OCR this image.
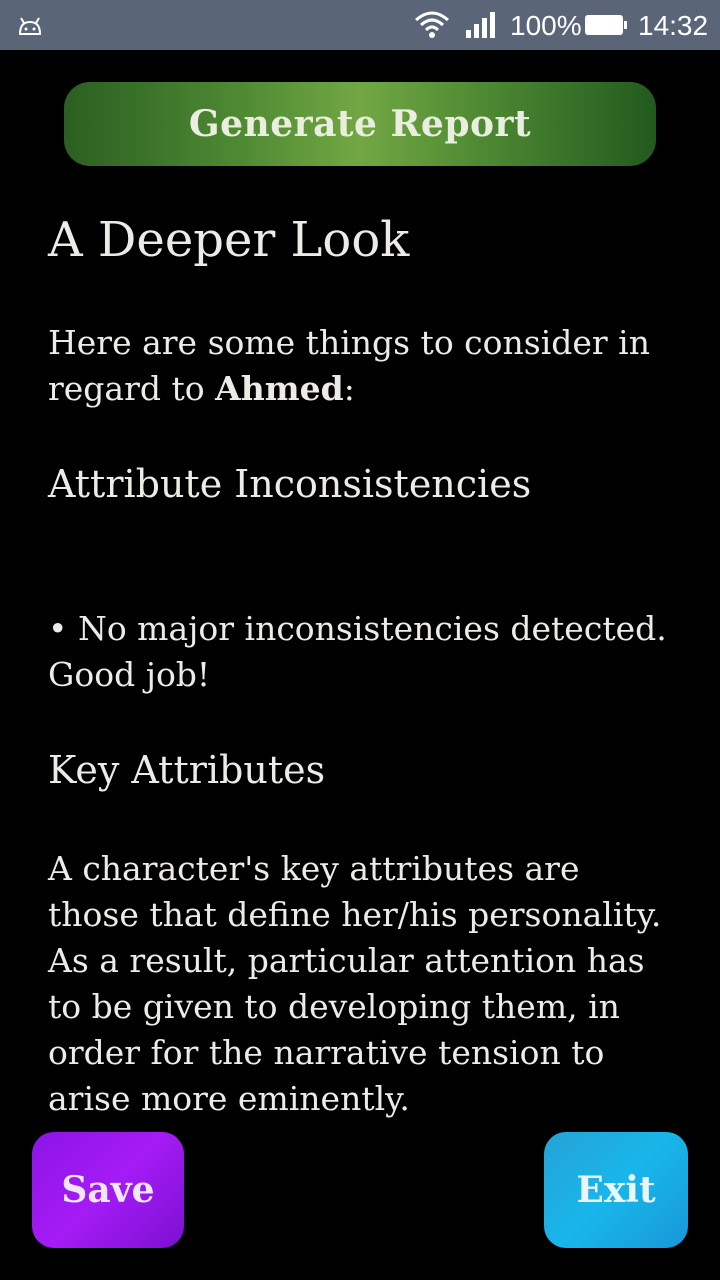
100% 14:32
Generate Report
A Deeper Look
Here are some things to consider in regard to Ahmed:
Attribute Inconsistencies
• No major inconsistencies detected. Good job!
Key Attributes
A character's key attributes are those that define her/his personality. As a result, particular attention has to be given to developing them, in order for the narrative tension to arise more eminently.
Save	Exit
